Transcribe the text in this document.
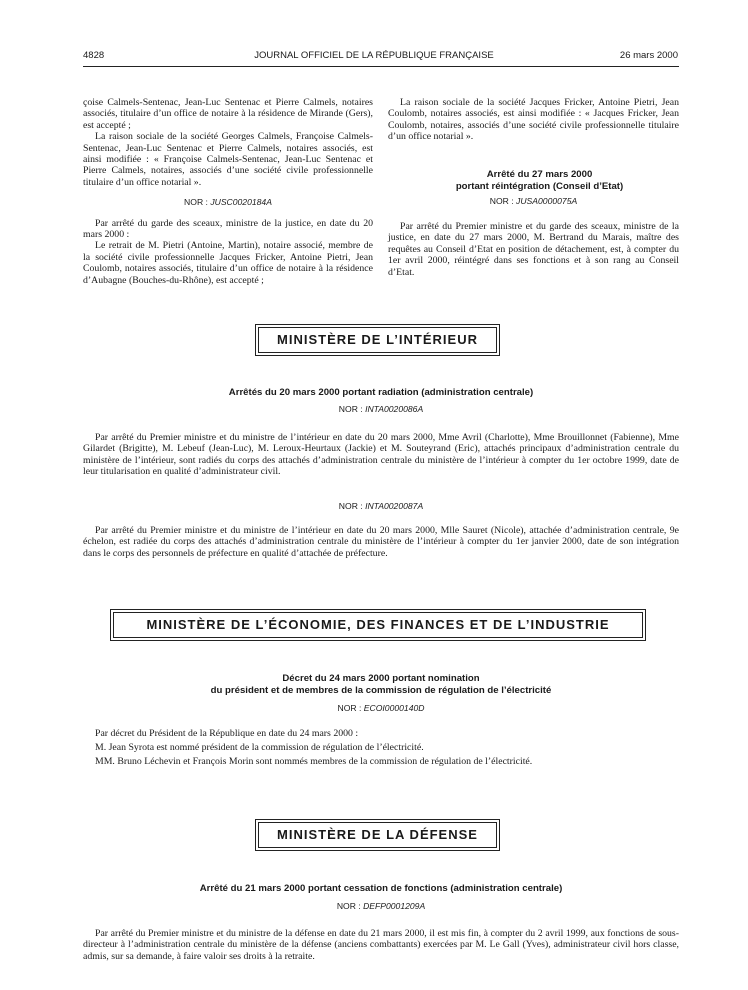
4828	JOURNAL OFFICIEL DE LA RÉPUBLIQUE FRANÇAISE	26 mars 2000

çoise Calmels-Sentenac, Jean-Luc Sentenac et Pierre Calmels, notaires associés, titulaire d’un office de notaire à la résidence de Mirande (Gers), est accepté ;

La raison sociale de la société Georges Calmels, Françoise Calmels-Sentenac, Jean-Luc Sentenac et Pierre Calmels, notaires associés, est ainsi modifiée : « Françoise Calmels-Sentenac, Jean-Luc Sentenac et Pierre Calmels, notaires, associés d’une société civile professionnelle titulaire d’un office notarial ».

NOR : JUSC0020184A

Par arrêté du garde des sceaux, ministre de la justice, en date du 20 mars 2000 :

Le retrait de M. Pietri (Antoine, Martin), notaire associé, membre de la société civile professionnelle Jacques Fricker, Antoine Pietri, Jean Coulomb, notaires associés, titulaire d’un office de notaire à la résidence d’Aubagne (Bouches-du-Rhône), est accepté ;

La raison sociale de la société Jacques Fricker, Antoine Pietri, Jean Coulomb, notaires associés, est ainsi modifiée : « Jacques Fricker, Jean Coulomb, notaires, associés d’une société civile professionnelle titulaire d’un office notarial ».

Arrêté du 27 mars 2000

portant réintégration (Conseil d’Etat)

NOR : JUSA0000075A

Par arrêté du Premier ministre et du garde des sceaux, ministre de la justice, en date du 27 mars 2000, M. Bertrand du Marais, maître des requêtes au Conseil d’Etat en position de détachement, est, à compter du 1er avril 2000, réintégré dans ses fonctions et à son rang au Conseil d’Etat.

MINISTÈRE DE L’INTÉRIEUR
Arrêtés du 20 mars 2000 portant radiation (administration centrale)
NOR : INTA0020086A

Par arrêté du Premier ministre et du ministre de l’intérieur en date du 20 mars 2000, Mme Avril (Charlotte), Mme Brouillonnet (Fabienne), Mme Gilardet (Brigitte), M. Lebeuf (Jean-Luc), M. Leroux-Heurtaux (Jackie) et M. Souteyrand (Eric), attachés principaux d’administration centrale du ministère de l’intérieur, sont radiés du corps des attachés d’administration centrale du ministère de l’intérieur à compter du 1er octobre 1999, date de leur titularisation en qualité d’administrateur civil.

NOR : INTA0020087A

Par arrêté du Premier ministre et du ministre de l’intérieur en date du 20 mars 2000, Mlle Sauret (Nicole), attachée d’administration centrale, 9e échelon, est radiée du corps des attachés d’administration centrale du ministère de l’intérieur à compter du 1er janvier 2000, date de son intégration dans le corps des personnels de préfecture en qualité d’attachée de préfecture.

MINISTÈRE DE L’ÉCONOMIE, DES FINANCES ET DE L’INDUSTRIE
Décret du 24 mars 2000 portant nomination
du président et de membres de la commission de régulation de l’électricité
NOR : ECOI0000140D

Par décret du Président de la République en date du 24 mars 2000 :

M. Jean Syrota est nommé président de la commission de régulation de l’électricité.

MM. Bruno Léchevin et François Morin sont nommés membres de la commission de régulation de l’électricité.

MINISTÈRE DE LA DÉFENSE
Arrêté du 21 mars 2000 portant cessation de fonctions (administration centrale)
NOR : DEFP0001209A

Par arrêté du Premier ministre et du ministre de la défense en date du 21 mars 2000, il est mis fin, à compter du 2 avril 1999, aux fonctions de sous-directeur à l’administration centrale du ministère de la défense (anciens combattants) exercées par M. Le Gall (Yves), administrateur civil hors classe, admis, sur sa demande, à faire valoir ses droits à la retraite.
